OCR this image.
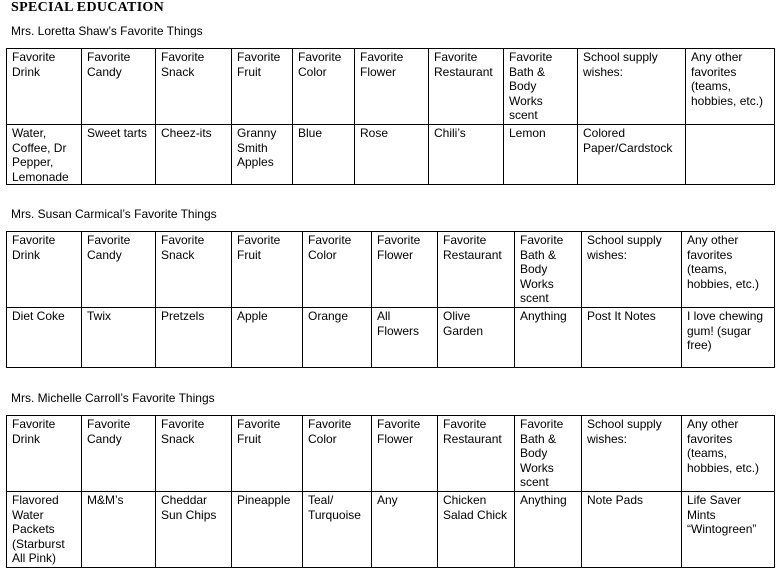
SPECIAL EDUCATION

Mrs. Loretta Shaw’s Favorite Things

Favorite Drink	Favorite Candy	Favorite Snack	Favorite Fruit	Favorite Color	Favorite Flower	Favorite Restaurant	Favorite Bath & Body Works scent	School supply wishes:	Any other favorites (teams, hobbies, etc.)
Water, Coffee, Dr Pepper, Lemonade	Sweet tarts	Cheez-its	Granny Smith Apples	Blue	Rose	Chili’s	Lemon	Colored Paper/Cardstock	

Mrs. Susan Carmical’s Favorite Things

Favorite Drink	Favorite Candy	Favorite Snack	Favorite Fruit	Favorite Color	Favorite Flower	Favorite Restaurant	Favorite Bath & Body Works scent	School supply wishes:	Any other favorites (teams, hobbies, etc.)
Diet Coke	Twix	Pretzels	Apple	Orange	All Flowers	Olive Garden	Anything	Post It Notes	I love chewing gum! (sugar free)

Mrs. Michelle Carroll’s Favorite Things

Favorite Drink	Favorite Candy	Favorite Snack	Favorite Fruit	Favorite Color	Favorite Flower	Favorite Restaurant	Favorite Bath & Body Works scent	School supply wishes:	Any other favorites (teams, hobbies, etc.)
Flavored Water Packets (Starburst All Pink)	M&M’s	Cheddar Sun Chips	Pineapple	Teal/ Turquoise	Any	Chicken Salad Chick	Anything	Note Pads	Life Saver Mints “Wintogreen”
